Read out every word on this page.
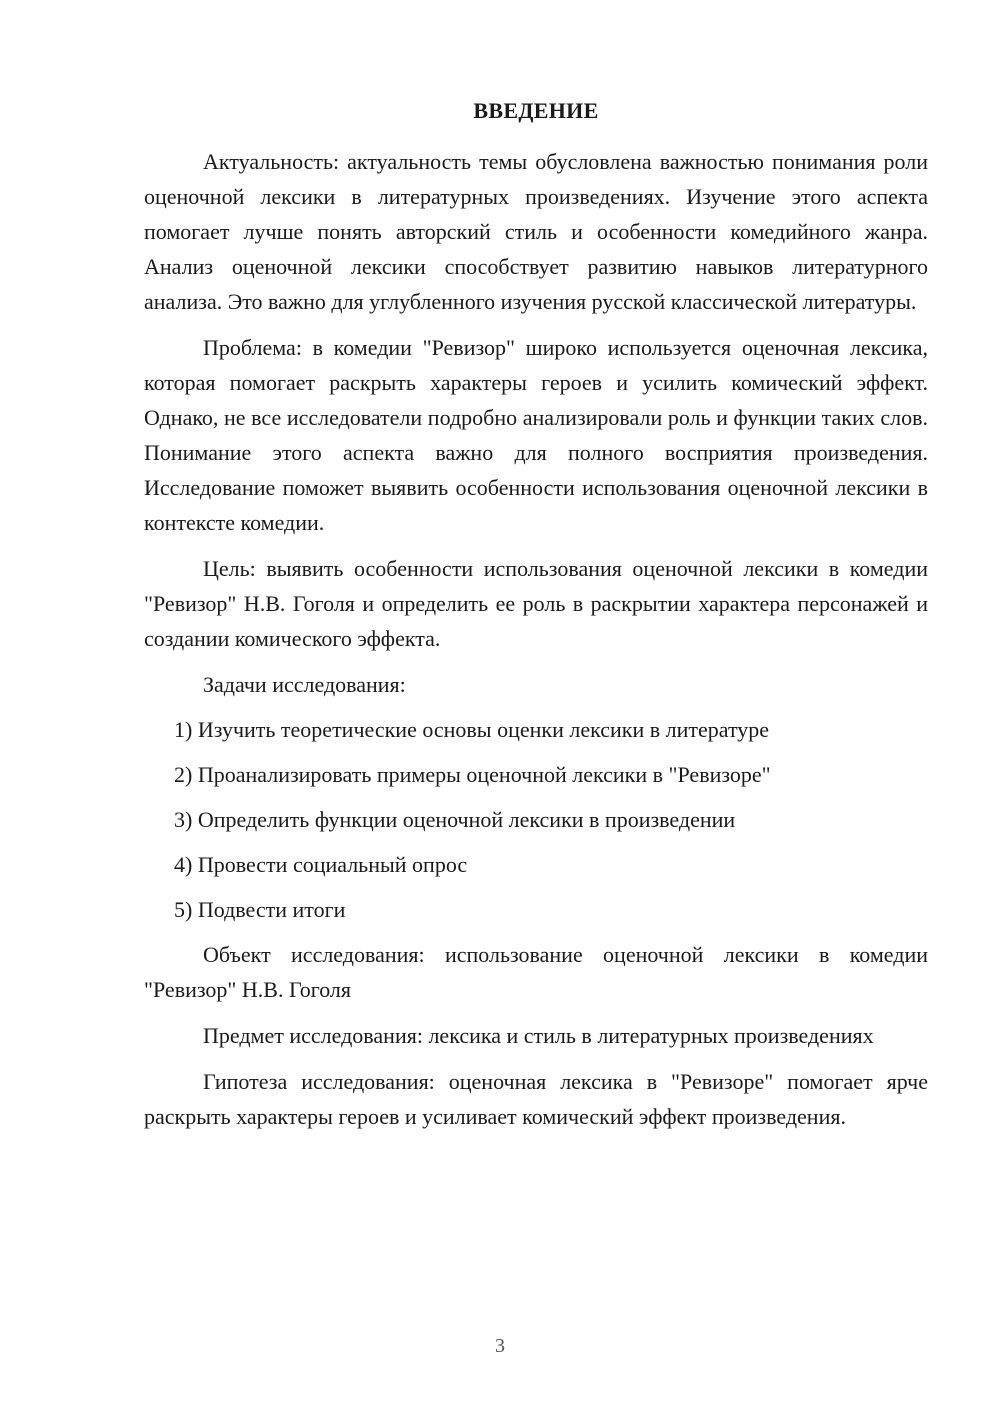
ВВЕДЕНИЕ

Актуальность: актуальность темы обусловлена важностью понимания роли оценочной лексики в литературных произведениях. Изучение этого аспекта помогает лучше понять авторский стиль и особенности комедийного жанра. Анализ оценочной лексики способствует развитию навыков литературного анализа. Это важно для углубленного изучения русской классической литературы.

Проблема: в комедии "Ревизор" широко используется оценочная лексика, которая помогает раскрыть характеры героев и усилить комический эффект. Однако, не все исследователи подробно анализировали роль и функции таких слов. Понимание этого аспекта важно для полного восприятия произведения. Исследование поможет выявить особенности использования оценочной лексики в контексте комедии.

Цель: выявить особенности использования оценочной лексики в комедии "Ревизор" Н.В. Гоголя и определить ее роль в раскрытии характера персонажей и создании комического эффекта.

Задачи исследования:

1) Изучить теоретические основы оценки лексики в литературе
2) Проанализировать примеры оценочной лексики в "Ревизоре"
3) Определить функции оценочной лексики в произведении
4) Провести социальный опрос
5) Подвести итоги

Объект исследования: использование оценочной лексики в комедии "Ревизор" Н.В. Гоголя

Предмет исследования: лексика и стиль в литературных произведениях

Гипотеза исследования: оценочная лексика в "Ревизоре" помогает ярче раскрыть характеры героев и усиливает комический эффект произведения.

3
